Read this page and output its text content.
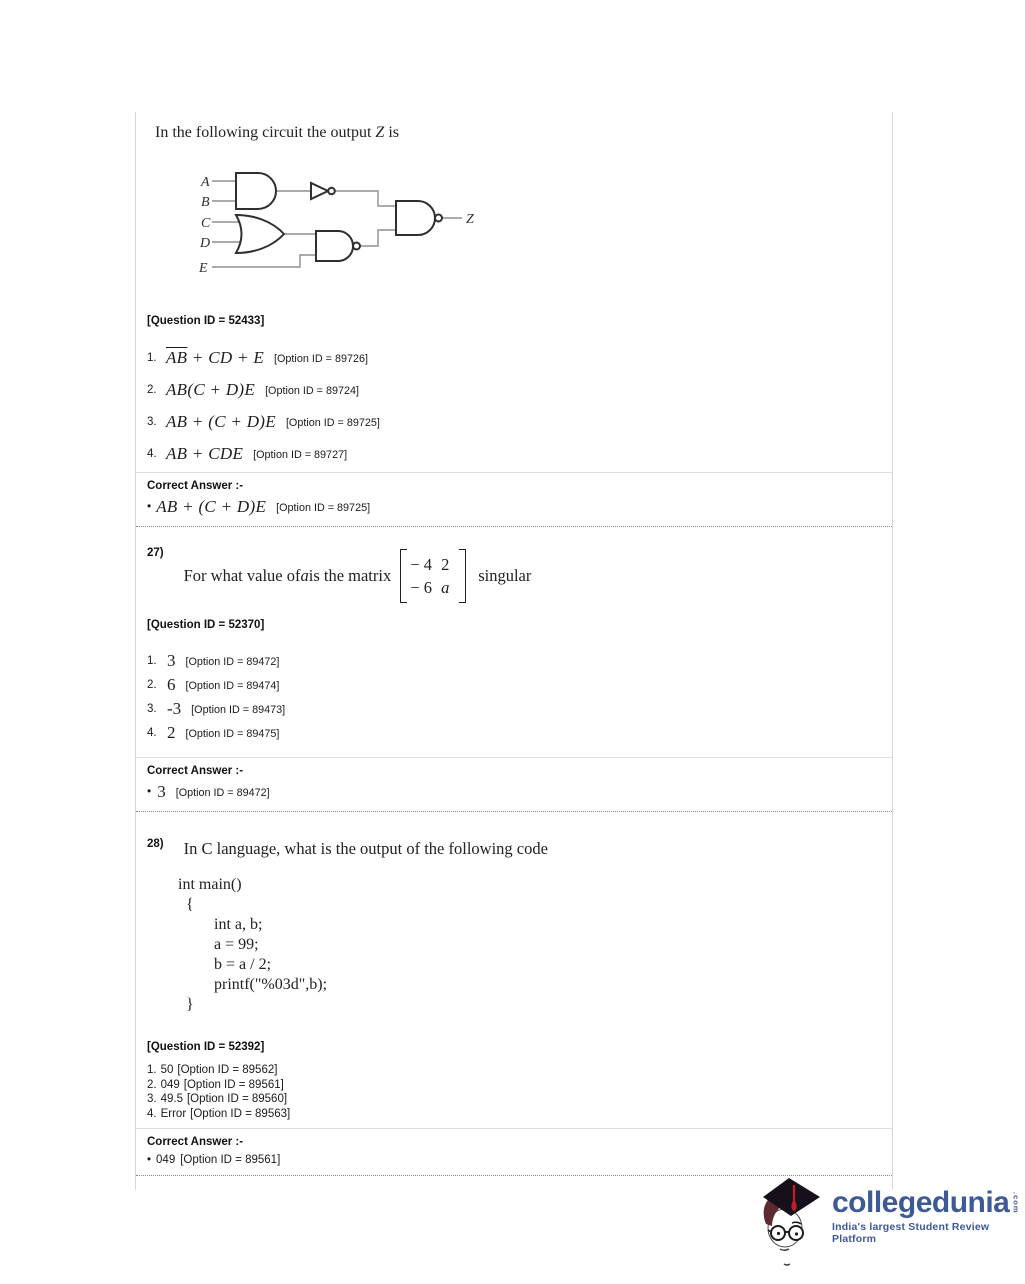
In the following circuit the output Z is
A
B
C
D
E
Z
[Question ID = 52433]
1. $\overline{AB}$ + CD + E [Option ID = 89726]
2. AB(C + D)E [Option ID = 89724]
3. AB + (C + D)E [Option ID = 89725]
4. AB + CDE [Option ID = 89727]
Correct Answer :-
• AB + (C + D)E [Option ID = 89725]
27)
For what value of a is the matrix
− 4 2
− 6 a
singular
[Question ID = 52370]
1. 3 [Option ID = 89472]
2. 6 [Option ID = 89474]
3. -3 [Option ID = 89473]
4. 2 [Option ID = 89475]
Correct Answer :-
• 3 [Option ID = 89472]
28) In C language, what is the output of the following code
int main()
{
int a, b;
a = 99;
b = a / 2;
printf("%03d",b);
}
[Question ID = 52392]
1. 50 [Option ID = 89562]
2. 049 [Option ID = 89561]
3. 49.5 [Option ID = 89560]
4. Error [Option ID = 89563]
Correct Answer :-
• 049 [Option ID = 89561]
collegedunia .com
India's largest Student Review Platform
